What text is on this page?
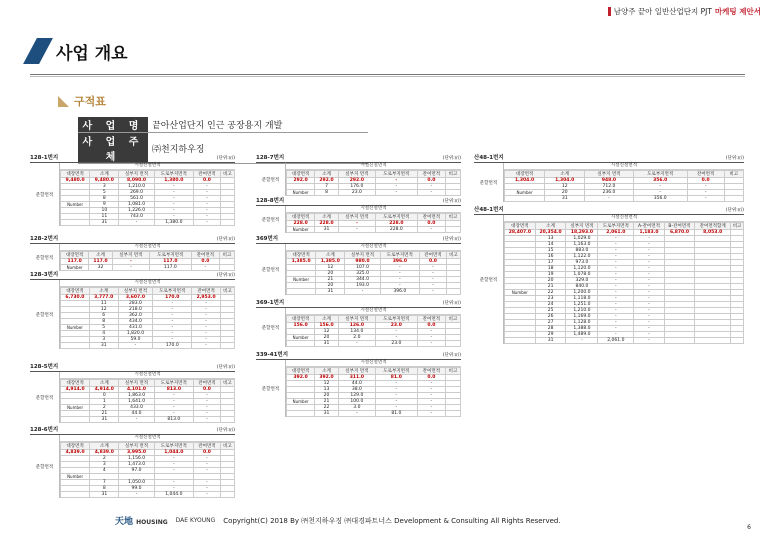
남양주 끝아 일반산업단지 PJT 마케팅 제안서
사업 개요
구적표
사 업 명	끝아산업단지 인근 공장용지 개발
사 업 주 체	㈜천지하우징
128-1번지	(단위:㎡)
분할면적
시설신설면적
대장면적	소계	실부지 면적	도로부지면적	잔여면적	비고
9,480.0	9,480.0	8,090.0	1,380.0	0.0	
	3	1,210.0	-	-	
	5	269.0	-	-	
	8	561.0	-	-	
Number	9	1,081.0	-	-	
	10	1,226.0	-	-	
	11	743.0	-	-	
	31	-	1,380.0	-	
128-2번지	(단위:㎡)
분할면적
시설신설면적
대장면적	소계	실부지 면적	도로부지면적	잔여면적	비고
117.0	117.0	-	117.0	0.0	
Number	32	-	117.0	-	
128-3번지	(단위:㎡)
분할면적
시설신설면적
대장면적	소계	실부지 면적	도로부지면적	잔여면적	비고
6,730.0	3,777.0	3,607.0	170.0	2,953.0	
	11	283.0	-	-	
	12	218.0	-	-	
	6	362.0	-	-	
	8	434.0	-	-	
Number	5	431.0	-	-	
	4	1,820.0	-	-	
	3	59.0	-	-	
	31	-	170.0	-	
128-5번지	(단위:㎡)
분할면적
시설신설면적
대장면적	소계	실부지 면적	도로부지면적	잔여면적	비고
4,914.0	4,914.0	4,101.0	813.0	0.0	
	0	1,863.0	-	-	
	1	1,641.0	-	-	
Number	2	433.0	-	-	
	21	44.0	-	-	
	31	-	813.0	-	
128-6번지	(단위:㎡)
분할면적
시설신설면적
대장면적	소계	실부지 면적	도로부지면적	잔여면적	비고
4,839.0	4,839.0	3,995.0	1,044.0	0.0	
	2	1,156.0	-	-	
	3	1,473.0	-	-	
	4	97.0	-	-	
Number					
	7	1,050.0	-	-	
	8	99.0	-	-	
	31	-	1,044.0	-	
128-7번지	(단위:㎡)
분할면적
시설신설면적
대장면적	소계	실부지 면적	도로부지면적	잔여면적	비고
292.0	292.0	292.0	-	0.0	
	7	176.0	-	-	
Number	8	23.0	-	-	
128-8번지	(단위:㎡)
분할면적
시설신설면적
대장면적	소계	실부지 면적	도로부지면적	잔여면적	비고
228.0	228.0	-	228.0	0.0	
Number	31	-	228.0	-	
369번지	(단위:㎡)
분할면적
시설신설면적
대장면적	소계	실부지 면적	도로부지면적	잔여면적	비고
1,385.0	1,385.0	980.0	396.0	0.0	
	12	107.0	-	-	
	20	325.0	-	-	
Number	21	344.0	-	-	
	20	193.0	-	-	
	31	-	396.0	-	
369-1번지	(단위:㎡)
분할면적
시설신설면적
대장면적	소계	실부지 면적	도로부지면적	잔여면적	비고
156.0	156.0	126.0	23.0	0.0	
	12	134.0	-	-	
Number	20	2.0	-	-	
	31	-	23.0	-	
339-41번지	(단위:㎡)
분할면적
시설신설면적
대장면적	소계	실부지 면적	도로부지면적	잔여면적	비고
392.0	392.0	311.0	81.0	0.0	
	12	44.0	-	-	
	13	38.0	-	-	
	20	129.0	-	-	
Number	21	100.0	-	-	
	22	3.0	-	-	
	31	-	81.0	-	
산48-1번지	(단위:㎡)
분할면적
시설신설면적
대장면적	소계	실부지 면적	도로부지면적	잔여면적	비고
1,304.0	1,304.0	948.0	356.0	0.0	
	12	712.0	-	-	
Number	20	236.0	-	-	
	31	-	356.0	-	
산48-1번지	(단위:㎡)
분할면적
시설신설면적
대장면적	소계	실부지 면적	도로부지면적	A-잔여면적	B-잔여면적	잔여면적합계	비고
28,407.0	20,354.0	18,293.0	2,061.0	1,183.0	6,870.0	8,053.0	
	13	1,029.0	-	-			
	14	1,163.0	-	-			
	15	883.0	-	-			
	16	1,122.0	-	-			
	17	973.0	-	-			
	18	1,120.0	-	-			
	19	1,078.0	-	-			
	20	329.0	-	-			
	21	840.0	-	-			
Number	22	1,200.0	-	-			
	23	1,118.0	-	-			
	24	1,251.0	-	-			
	25	1,210.0	-	-			
	26	1,169.0	-	-			
	27	1,128.0	-	-			
	28	1,388.0	-	-			
	29	1,489.0	-	-			
	31	-	2,061.0	-			
天地 HOUSING DAE KYOUNG Copyright(C) 2018 By ㈜천지하우징 ㈜대경파트너스 Development & Consulting All Rights Reserved.
6
